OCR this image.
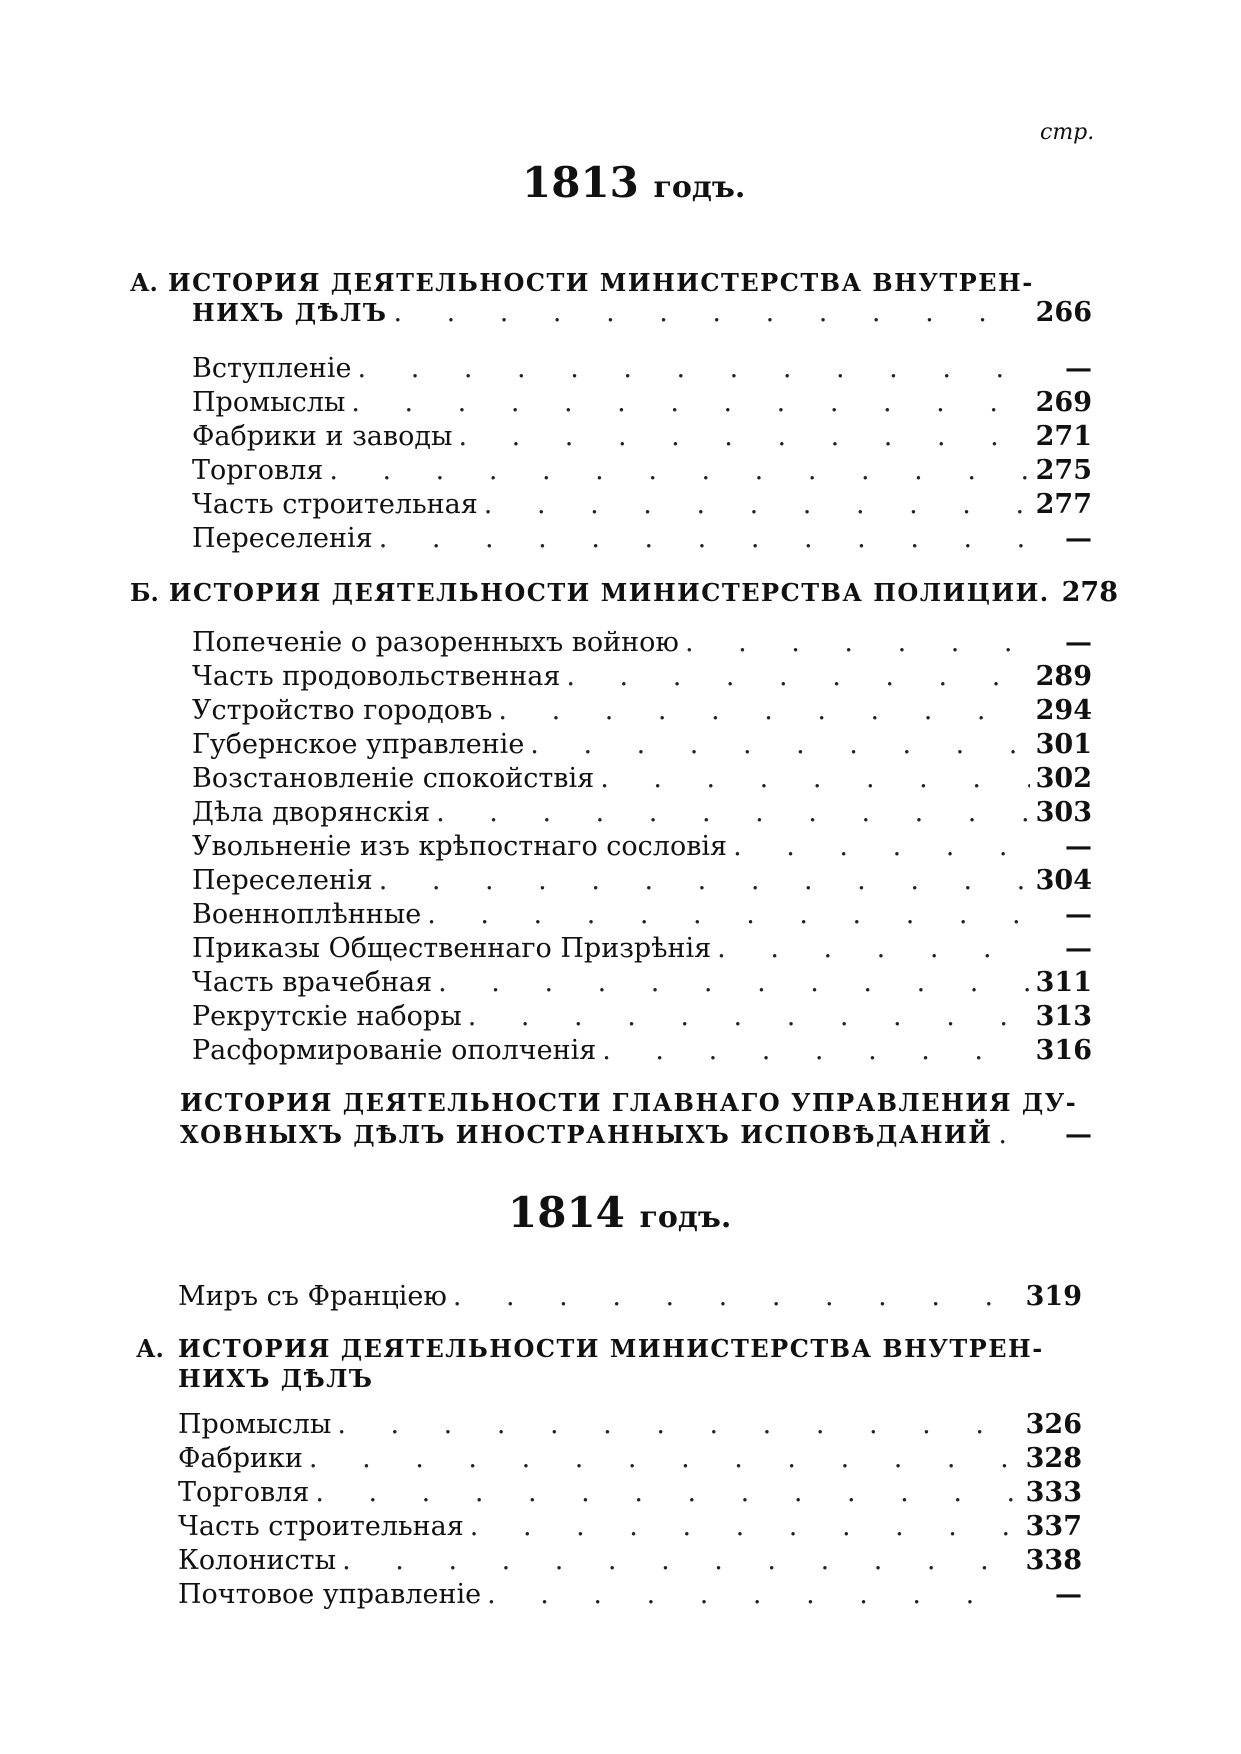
стр.
1813 годъ.
А. ИСТОРИЯ ДЕЯТЕЛЬНОСТИ МИНИСТЕРСТВА ВНУТРЕН-
НИХЪ ДѢЛЪ . . .	266
Вступленіе . . .	—
Промыслы . . .	269
Фабрики и заводы . . .	271
Торговля . . .	275
Часть строительная . . .	277
Переселенія . . .	—
Б. ИСТОРИЯ ДЕЯТЕЛЬНОСТИ МИНИСТЕРСТВА ПОЛИЦИИ. 278
Попеченіе о разоренныхъ войною . . .	—
Часть продовольственная . . .	289
Устройство городовъ . . .	294
Губернское управленіе . . .	301
Возстановленіе спокойствія . . .	302
Дѣла дворянскія . . .	303
Увольненіе изъ крѣпостнаго сословія . . .	—
Переселенія . . .	304
Военноплѣнные . . .	—
Приказы Общественнаго Призрѣнія . . .	—
Часть врачебная . . .	311
Рекрутскіе наборы . . .	313
Расформированіе ополченія . . .	316
ИСТОРИЯ ДЕЯТЕЛЬНОСТИ ГЛАВНАГО УПРАВЛЕНИЯ ДУ-
ХОВНЫХЪ ДѢЛЪ ИНОСТРАННЫХЪ ИСПОВѢДАНИЙ . . .	—
1814 годъ.
Миръ съ Францiею . . .	319
А. ИСТОРИЯ ДЕЯТЕЛЬНОСТИ МИНИСТЕРСТВА ВНУТРЕН-
НИХЪ ДѢЛЪ
Промыслы . . .	326
Фабрики . . .	328
Торговля . . .	333
Часть строительная . . .	337
Колонисты . . .	338
Почтовое управленіе . . .	—
